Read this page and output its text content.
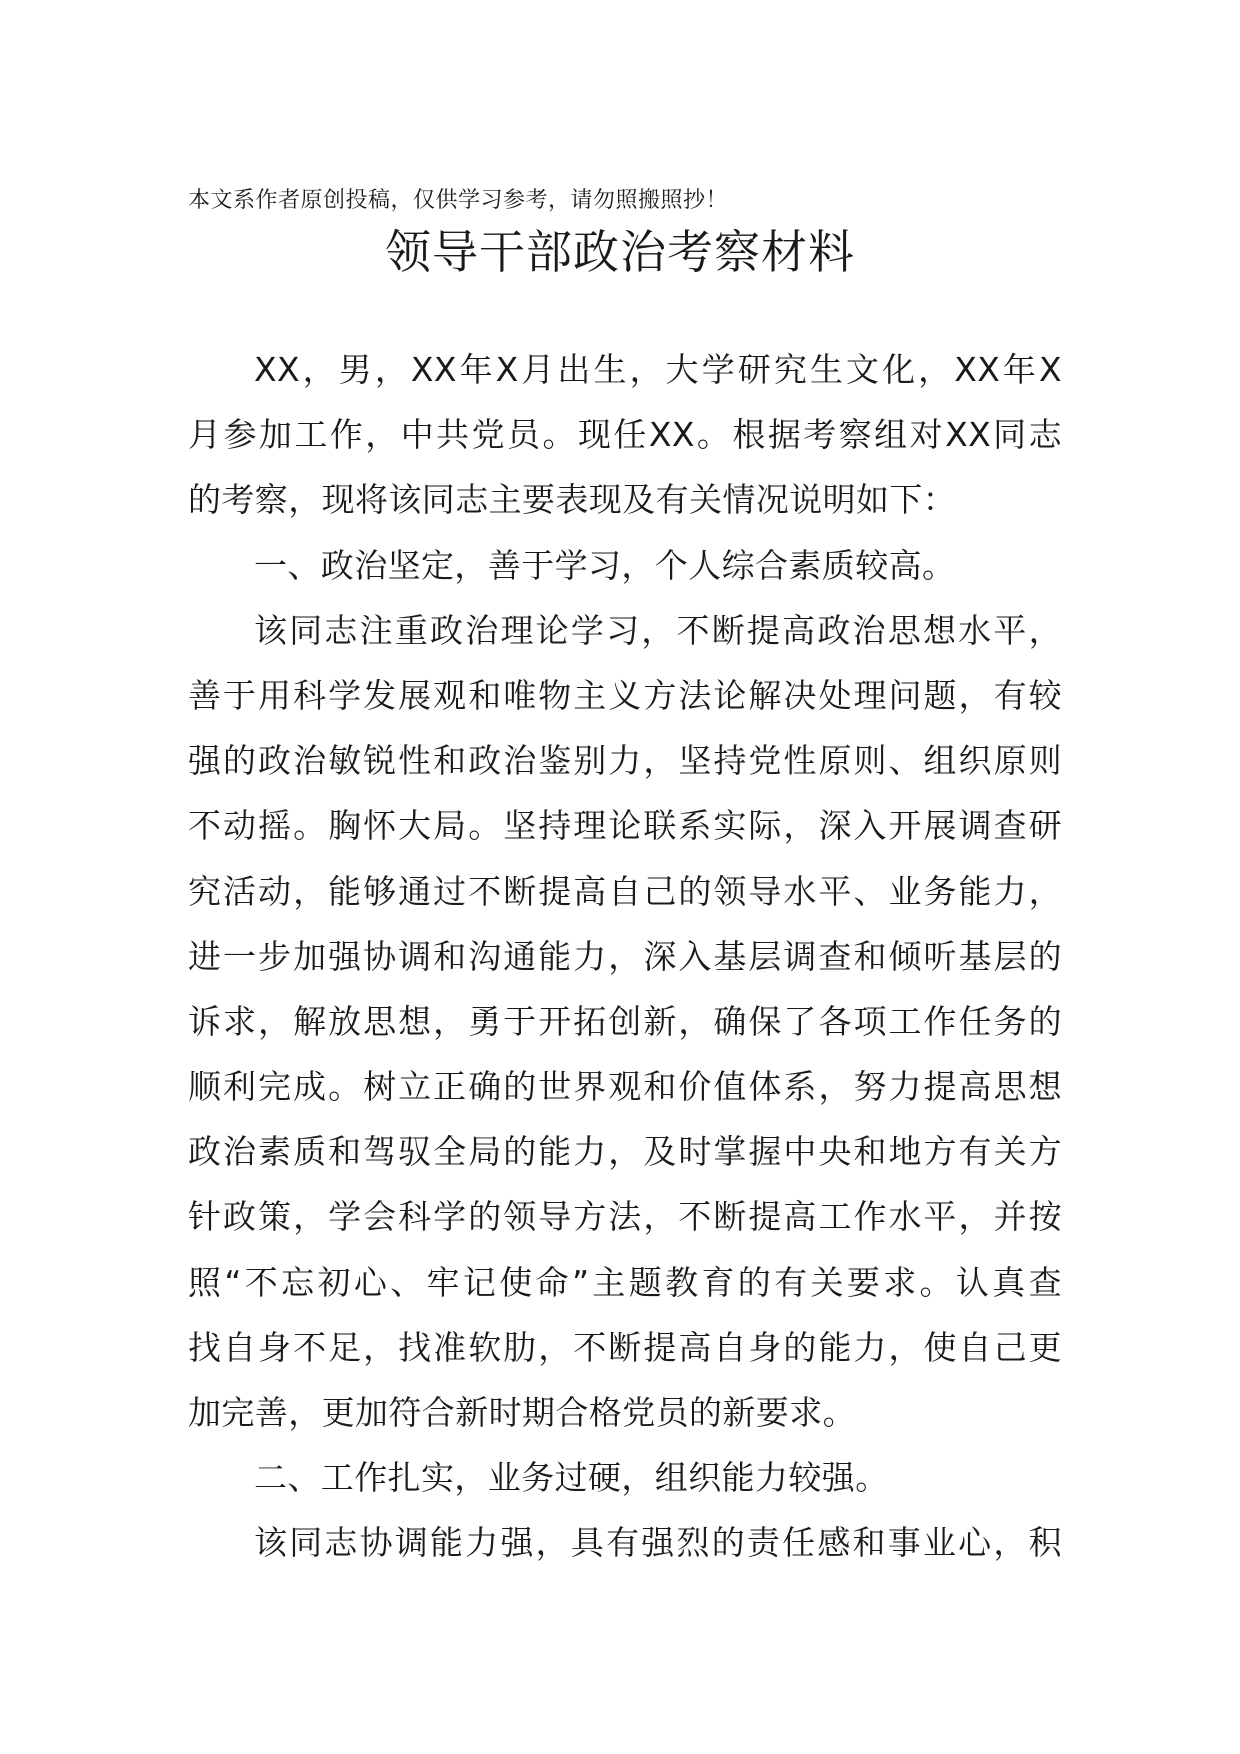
本文系作者原创投稿，仅供学习参考，请勿照搬照抄！
领导干部政治考察材料
XX，男，XX年X月出生，大学研究生文化，XX年X
月参加工作，中共党员。现任XX。根据考察组对XX同志
的考察，现将该同志主要表现及有关情况说明如下：
一、政治坚定，善于学习，个人综合素质较高。
该同志注重政治理论学习，不断提高政治思想水平，
善于用科学发展观和唯物主义方法论解决处理问题，有较
强的政治敏锐性和政治鉴别力，坚持党性原则、组织原则
不动摇。胸怀大局。坚持理论联系实际，深入开展调查研
究活动，能够通过不断提高自己的领导水平、业务能力，
进一步加强协调和沟通能力，深入基层调查和倾听基层的
诉求，解放思想，勇于开拓创新，确保了各项工作任务的
顺利完成。树立正确的世界观和价值体系，努力提高思想
政治素质和驾驭全局的能力，及时掌握中央和地方有关方
针政策，学会科学的领导方法，不断提高工作水平，并按
照“不忘初心、牢记使命”主题教育的有关要求。认真查
找自身不足，找准软肋，不断提高自身的能力，使自己更
加完善，更加符合新时期合格党员的新要求。
二、工作扎实，业务过硬，组织能力较强。
该同志协调能力强，具有强烈的责任感和事业心，积
